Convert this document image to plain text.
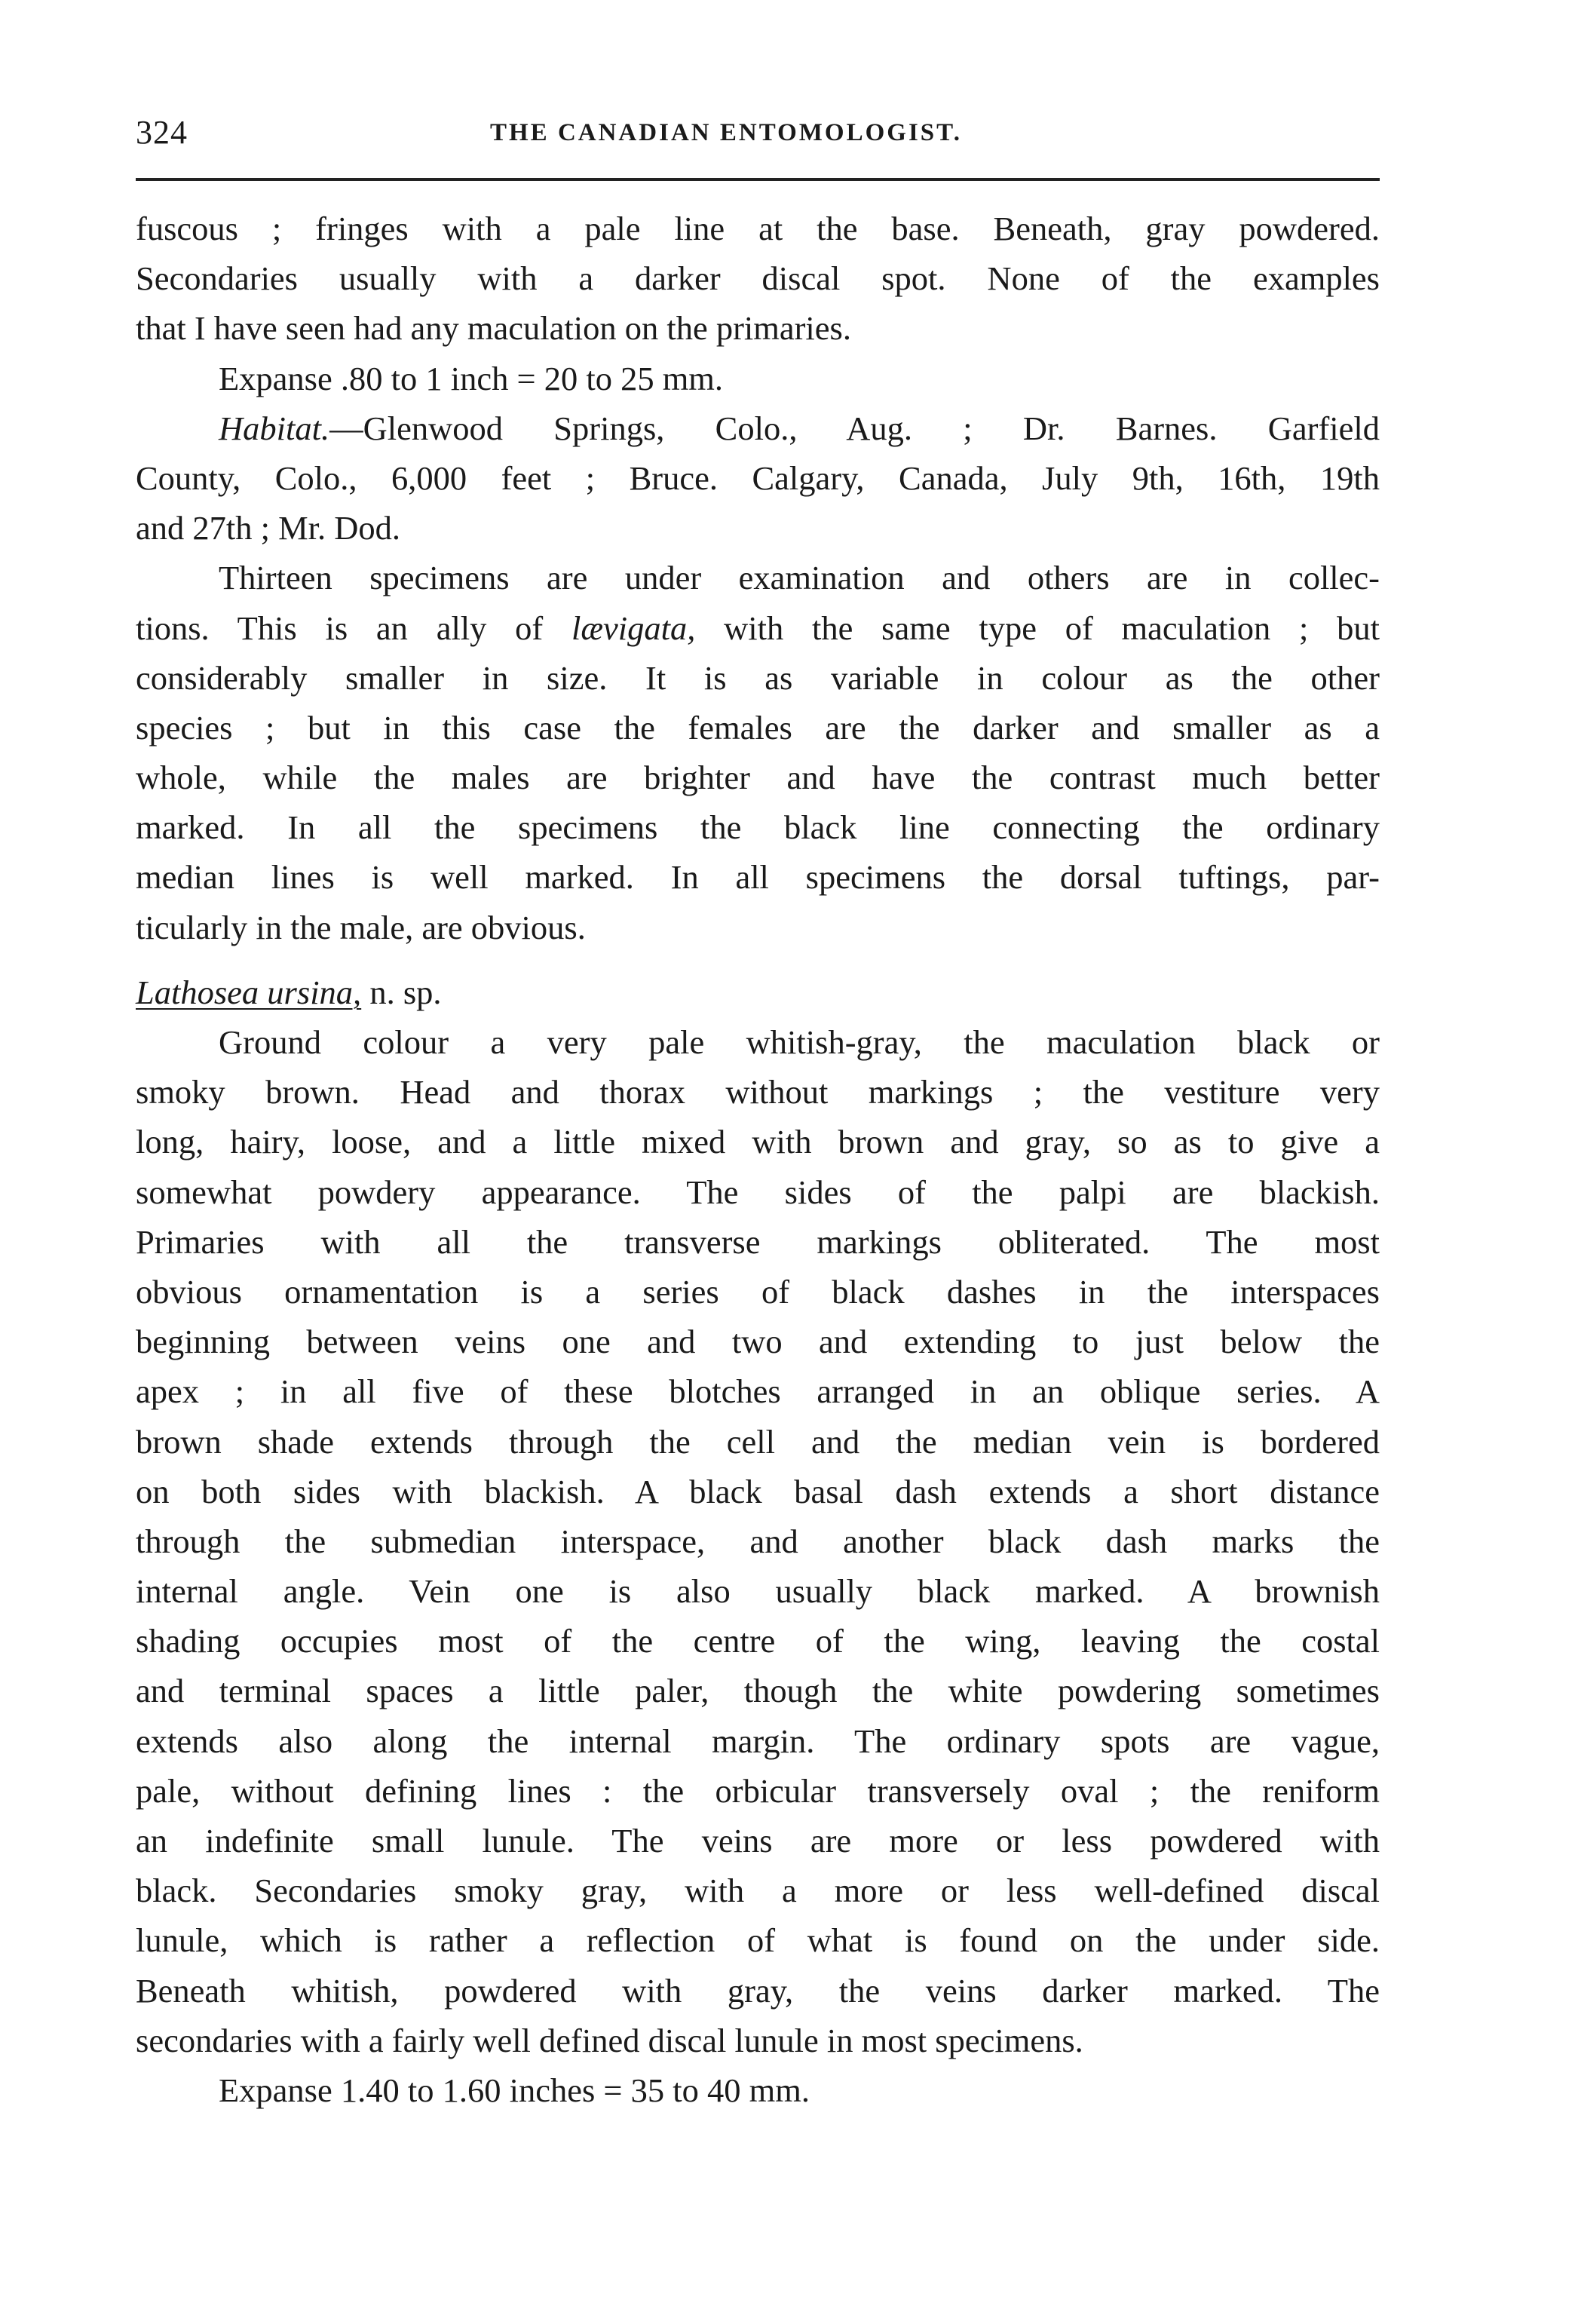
324	THE CANADIAN ENTOMOLOGIST.
fuscous ; fringes with a pale line at the base. Beneath, gray powdered.
Secondaries usually with a darker discal spot. None of the examples
that I have seen had any maculation on the primaries.
Expanse .80 to 1 inch = 20 to 25 mm.
Habitat.—Glenwood Springs, Colo., Aug. ; Dr. Barnes. Garfield
County, Colo., 6,000 feet ; Bruce. Calgary, Canada, July 9th, 16th, 19th
and 27th ; Mr. Dod.
Thirteen specimens are under examination and others are in collec-
tions. This is an ally of lævigata, with the same type of maculation ; but
considerably smaller in size. It is as variable in colour as the other
species ; but in this case the females are the darker and smaller as a
whole, while the males are brighter and have the contrast much better
marked. In all the specimens the black line connecting the ordinary
median lines is well marked. In all specimens the dorsal tuftings, par-
ticularly in the male, are obvious.
Lathosea ursina, n. sp.
Ground colour a very pale whitish-gray, the maculation black or
smoky brown. Head and thorax without markings ; the vestiture very
long, hairy, loose, and a little mixed with brown and gray, so as to give a
somewhat powdery appearance. The sides of the palpi are blackish.
Primaries with all the transverse markings obliterated. The most
obvious ornamentation is a series of black dashes in the interspaces
beginning between veins one and two and extending to just below the
apex ; in all five of these blotches arranged in an oblique series. A
brown shade extends through the cell and the median vein is bordered
on both sides with blackish. A black basal dash extends a short distance
through the submedian interspace, and another black dash marks the
internal angle. Vein one is also usually black marked. A brownish
shading occupies most of the centre of the wing, leaving the costal
and terminal spaces a little paler, though the white powdering sometimes
extends also along the internal margin. The ordinary spots are vague,
pale, without defining lines : the orbicular transversely oval ; the reniform
an indefinite small lunule. The veins are more or less powdered with
black. Secondaries smoky gray, with a more or less well-defined discal
lunule, which is rather a reflection of what is found on the under side.
Beneath whitish, powdered with gray, the veins darker marked. The
secondaries with a fairly well defined discal lunule in most specimens.
Expanse 1.40 to 1.60 inches = 35 to 40 mm.
